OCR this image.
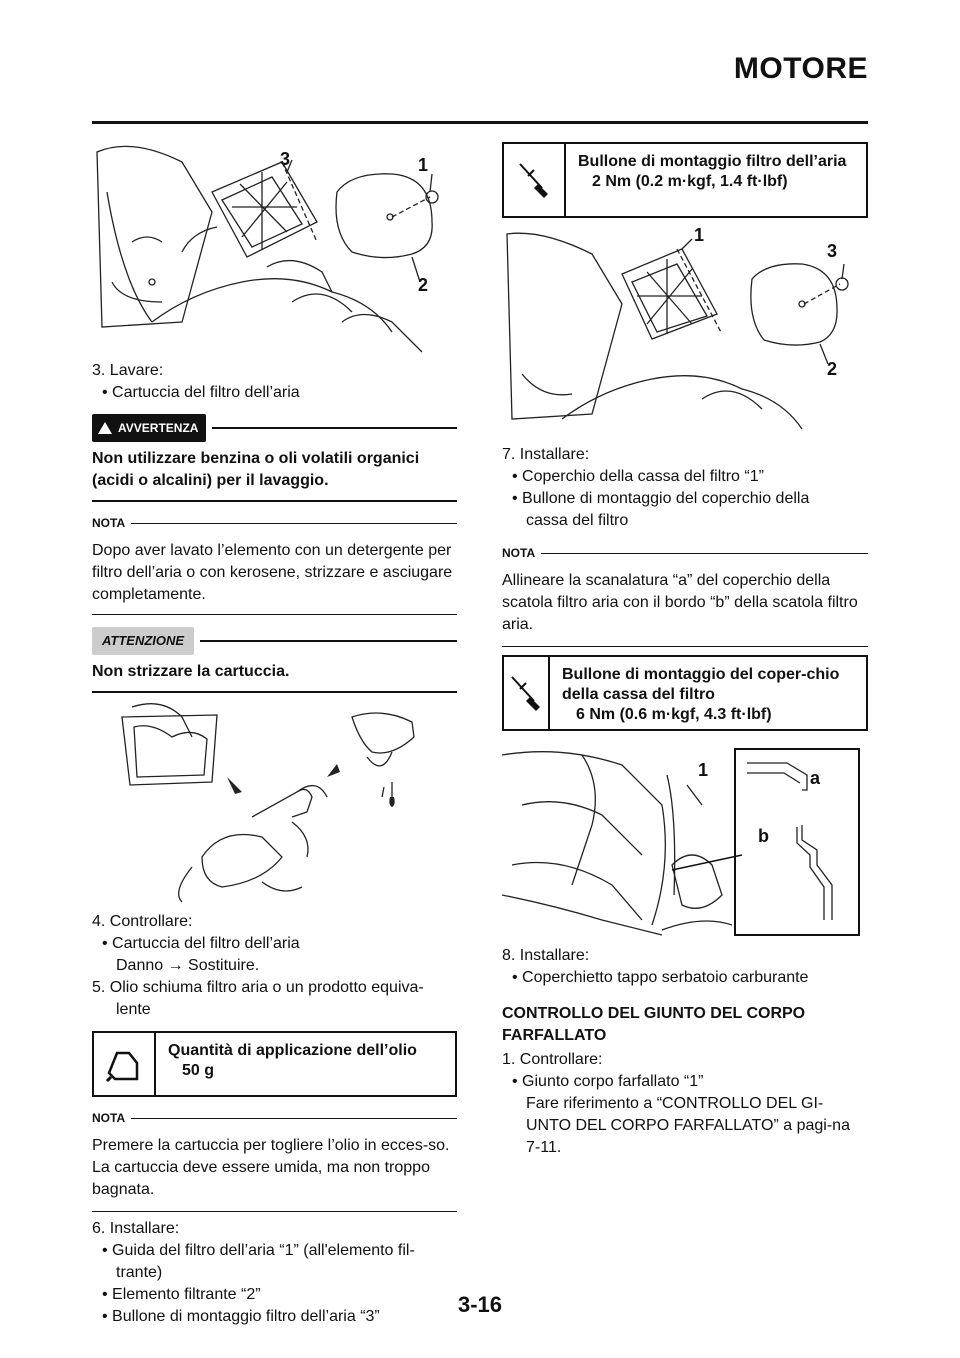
MOTORE
3	1
2

3. Lavare:

• Cartuccia del filtro dell’aria

AVVERTENZA

Non utilizzare benzina o oli volatili organici (acidi o alcalini) per il lavaggio.

NOTA

Dopo aver lavato l’elemento con un detergente per filtro dell’aria o con kerosene, strizzare e asciugare completamente.

ATTENZIONE

Non strizzare la cartuccia.

4. Controllare:

• Cartuccia del filtro dell’aria

Danno → Sostituire.

5. Olio schiuma filtro aria o un prodotto equiva-

lente

Quantità di applicazione dell’olio
50 g
NOTA

Premere la cartuccia per togliere l’olio in ecces-so. La cartuccia deve essere umida, ma non troppo bagnata.

6. Installare:

• Guida del filtro dell’aria “1” (all'elemento fil-

trante)

• Elemento filtrante “2”

• Bullone di montaggio filtro dell’aria “3”

Bullone di montaggio filtro dell’aria
2 Nm (0.2 m·kgf, 1.4 ft·lbf)
1
3
2

7. Installare:

• Coperchio della cassa del filtro “1”

• Bullone di montaggio del coperchio della

cassa del filtro

NOTA

Allineare la scanalatura “a” del coperchio della scatola filtro aria con il bordo “b” della scatola filtro aria.

Bullone di montaggio del coper-chio della cassa del filtro
6 Nm (0.6 m·kgf, 4.3 ft·lbf)
1	a
b

8. Installare:

• Coperchietto tappo serbatoio carburante

CONTROLLO DEL GIUNTO DEL CORPO FARFALLATO

1. Controllare:

• Giunto corpo farfallato “1”

Fare riferimento a “CONTROLLO DEL GI-UNTO DEL CORPO FARFALLATO” a pagi-na 7-11.

3-16
